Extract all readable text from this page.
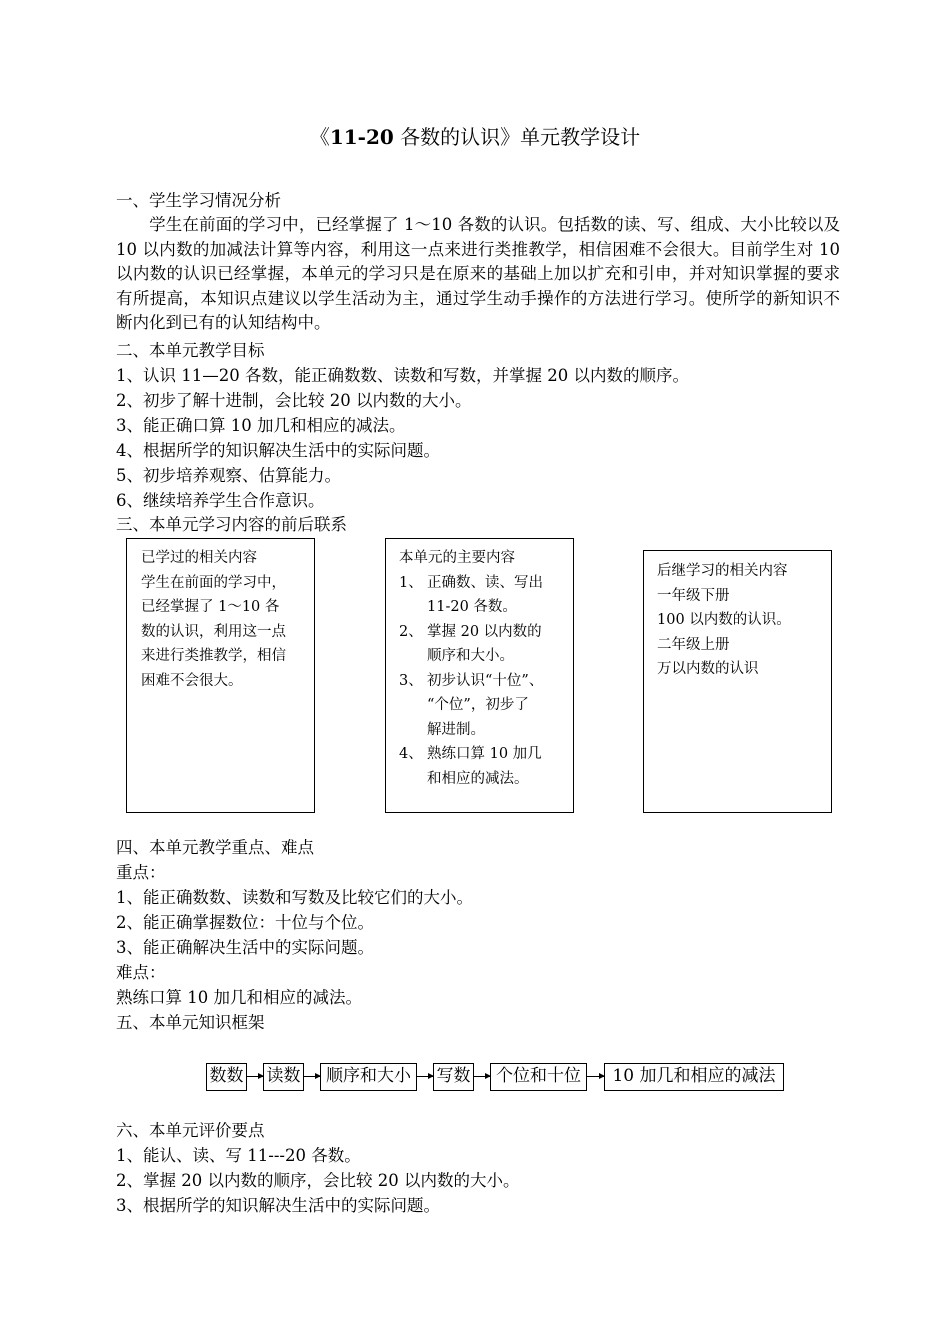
《11-20 各数的认识》单元教学设计
一、学生学习情况分析
学生在前面的学习中，已经掌握了 1～10 各数的认识。包括数的读、写、组成、大小比较以及 10 以内数的加减法计算等内容，利用这一点来进行类推教学，相信困难不会很大。目前学生对 10 以内数的认识已经掌握，本单元的学习只是在原来的基础上加以扩充和引申，并对知识掌握的要求有所提高，本知识点建议以学生活动为主，通过学生动手操作的方法进行学习。使所学的新知识不断内化到已有的认知结构中。
二、本单元教学目标
1、认识 11—20 各数，能正确数数、读数和写数，并掌握 20 以内数的顺序。
2、初步了解十进制，会比较 20 以内数的大小。
3、能正确口算 10 加几和相应的减法。
4、根据所学的知识解决生活中的实际问题。
5、初步培养观察、估算能力。
6、继续培养学生合作意识。
三、本单元学习内容的前后联系
已学过的相关内容
学生在前面的学习中，
已经掌握了 1～10 各
数的认识，利用这一点
来进行类推教学，相信
困难不会很大。
本单元的主要内容
1、 正确数、读、写出
11-20 各数。
2、 掌握 20 以内数的
顺序和大小。
3、 初步认识“十位”、
“个位”，初步了
解进制。
4、 熟练口算 10 加几
和相应的减法。
后继学习的相关内容
一年级下册
100 以内数的认识。
二年级上册
万以内数的认识
四、本单元教学重点、难点
重点：
1、能正确数数、读数和写数及比较它们的大小。
2、能正确掌握数位：十位与个位。
3、能正确解决生活中的实际问题。
难点：
熟练口算 10 加几和相应的减法。
五、本单元知识框架
数数 读数	顺序和大小	写数	个位和十位	10 加几和相应的减法
六、本单元评价要点
1、能认、读、写 11---20 各数。
2、掌握 20 以内数的顺序，会比较 20 以内数的大小。
3、根据所学的知识解决生活中的实际问题。
